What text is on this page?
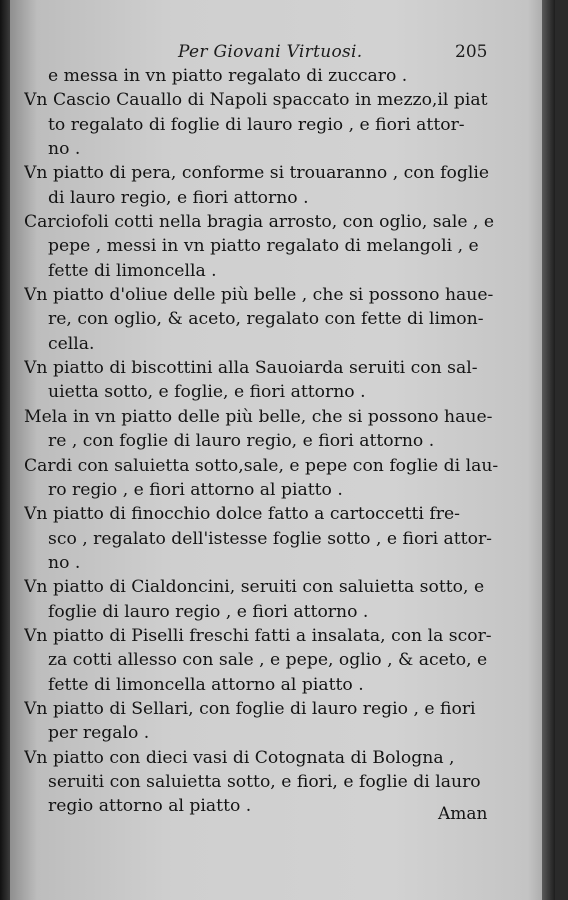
Per Giovani Virtuosi.	205
e messa in vn piatto regalato di zuccaro .
Vn Cascio Cauallo di Napoli spaccato in mezzo,il piat
to regalato di foglie di lauro regio , e fiori attor-
no .
Vn piatto di pera, conforme si trouaranno , con foglie
di lauro regio, e fiori attorno .
Carciofoli cotti nella bragia arrosto, con oglio, sale , e
pepe , messi in vn piatto regalato di melangoli , e
fette di limoncella .
Vn piatto d'oliue delle più belle , che si possono haue-
re, con oglio, & aceto, regalato con fette di limon-
cella.
Vn piatto di biscottini alla Sauoiarda seruiti con sal-
uietta sotto, e foglie, e fiori attorno .
Mela in vn piatto delle più belle, che si possono haue-
re , con foglie di lauro regio, e fiori attorno .
Cardi con saluietta sotto,sale, e pepe con foglie di lau-
ro regio , e fiori attorno al piatto .
Vn piatto di finocchio dolce fatto a cartoccetti fre-
sco , regalato dell'istesse foglie sotto , e fiori attor-
no .
Vn piatto di Cialdoncini, seruiti con saluietta sotto, e
foglie di lauro regio , e fiori attorno .
Vn piatto di Piselli freschi fatti a insalata, con la scor-
za cotti allesso con sale , e pepe, oglio , & aceto, e
fette di limoncella attorno al piatto .
Vn piatto di Sellari, con foglie di lauro regio , e fiori
per regalo .
Vn piatto con dieci vasi di Cotognata di Bologna ,
seruiti con saluietta sotto, e fiori, e foglie di lauro
regio attorno al piatto .	Aman
